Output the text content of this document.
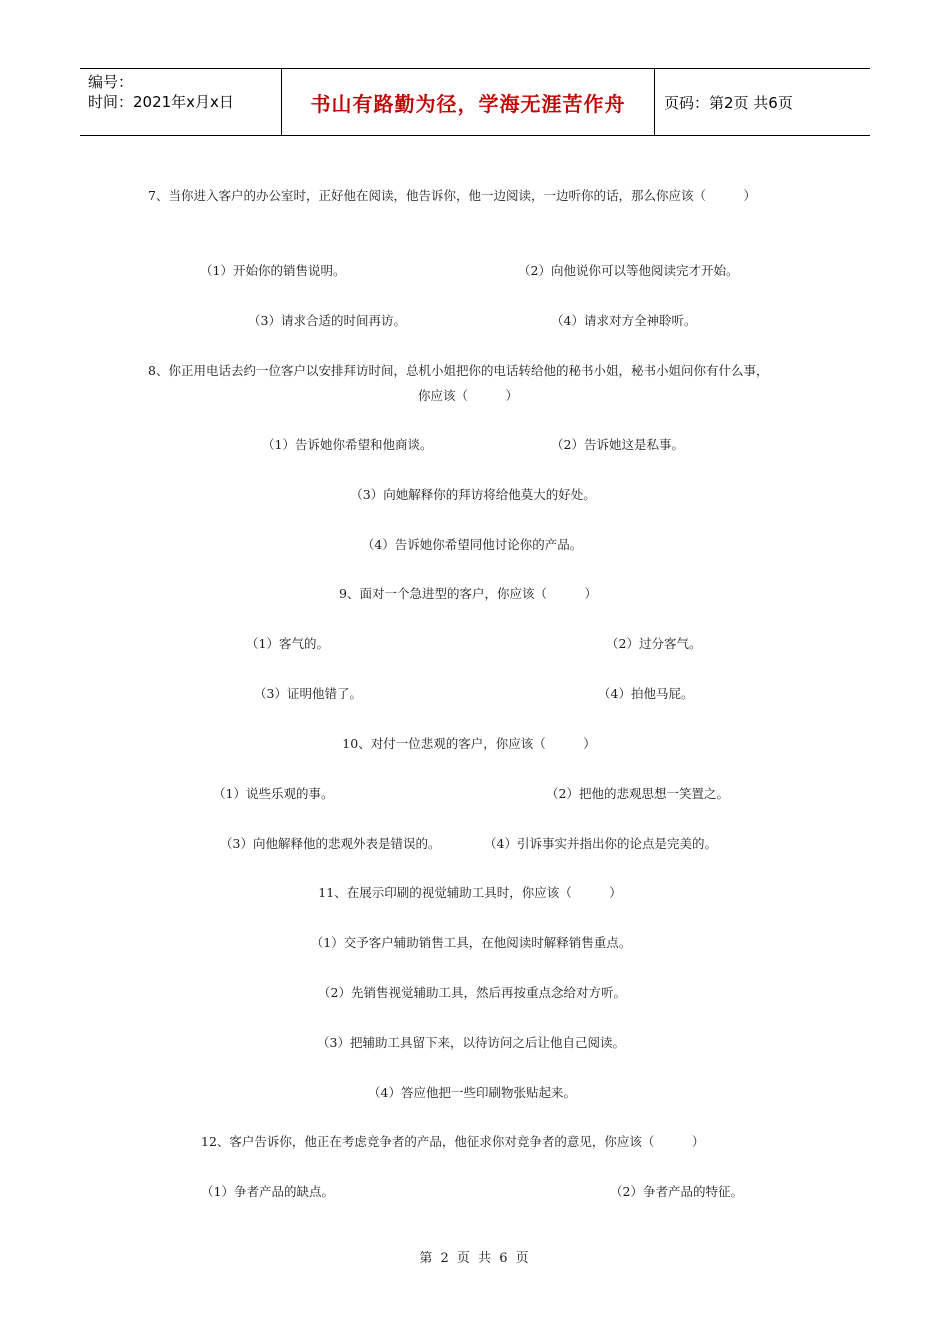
编号：
时间：2021年x月x日	书山有路勤为径，学海无涯苦作舟	页码：第2页 共6页
7、当你进入客户的办公室时，正好他在阅读，他告诉你，他一边阅读，一边听你的话，那么你应该（　　　）
（1）开始你的销售说明。	（2）向他说你可以等他阅读完才开始。
（3）请求合适的时间再访。	（4）请求对方全神聆听。
8、你正用电话去约一位客户以安排拜访时间，总机小姐把你的电话转给他的秘书小姐，秘书小姐问你有什么事，
你应该（　　　）
（1）告诉她你希望和他商谈。	（2）告诉她这是私事。
（3）向她解释你的拜访将给他莫大的好处。
（4）告诉她你希望同他讨论你的产品。
9、面对一个急进型的客户，你应该（　　　）
（1）客气的。	（2）过分客气。
（3）证明他错了。	（4）拍他马屁。
10、对付一位悲观的客户，你应该（　　　）
（1）说些乐观的事。	（2）把他的悲观思想一笑置之。
（3）向他解释他的悲观外表是错误的。	（4）引诉事实并指出你的论点是完美的。
11、在展示印刷的视觉辅助工具时，你应该（　　　）
（1）交予客户辅助销售工具，在他阅读时解释销售重点。
（2）先销售视觉辅助工具，然后再按重点念给对方听。
（3）把辅助工具留下来，以待访问之后让他自己阅读。
（4）答应他把一些印刷物张贴起来。
12、客户告诉你，他正在考虑竞争者的产品，他征求你对竞争者的意见，你应该（　　　）
（1）争者产品的缺点。	（2）争者产品的特征。
第 2 页 共 6 页
